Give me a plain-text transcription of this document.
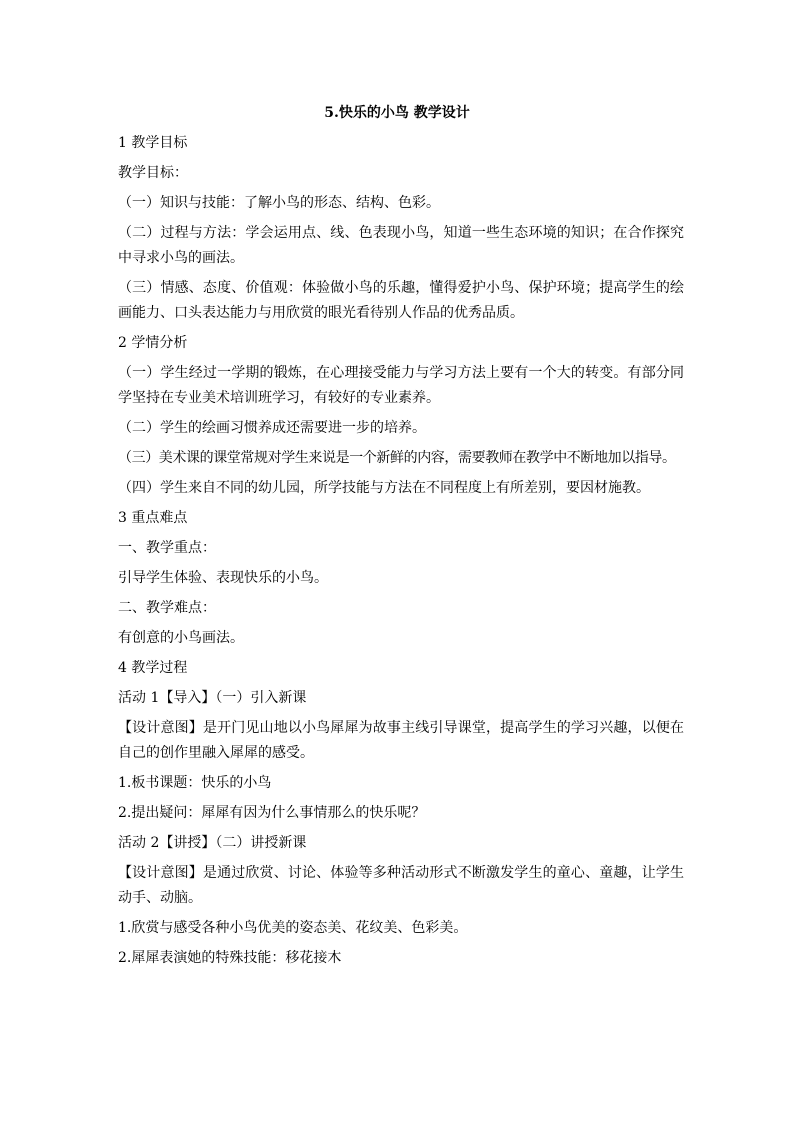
5.快乐的小鸟 教学设计

1 教学目标

教学目标：

（一）知识与技能：了解小鸟的形态、结构、色彩。

（二）过程与方法：学会运用点、线、色表现小鸟，知道一些生态环境的知识；在合作探究中寻求小鸟的画法。

（三）情感、态度、价值观：体验做小鸟的乐趣，懂得爱护小鸟、保护环境；提高学生的绘画能力、口头表达能力与用欣赏的眼光看待别人作品的优秀品质。

2 学情分析

（一）学生经过一学期的锻炼，在心理接受能力与学习方法上要有一个大的转变。有部分同学坚持在专业美术培训班学习，有较好的专业素养。

（二）学生的绘画习惯养成还需要进一步的培养。

（三）美术课的课堂常规对学生来说是一个新鲜的内容，需要教师在教学中不断地加以指导。

（四）学生来自不同的幼儿园，所学技能与方法在不同程度上有所差别，要因材施教。

3 重点难点

一、教学重点：

引导学生体验、表现快乐的小鸟。

二、教学难点：

有创意的小鸟画法。

4 教学过程

活动 1【导入】（一）引入新课

【设计意图】是开门见山地以小鸟犀犀为故事主线引导课堂，提高学生的学习兴趣，以便在自己的创作里融入犀犀的感受。

1.板书课题：快乐的小鸟

2.提出疑问：犀犀有因为什么事情那么的快乐呢？

活动 2【讲授】（二）讲授新课

【设计意图】是通过欣赏、讨论、体验等多种活动形式不断激发学生的童心、童趣，让学生动手、动脑。

1.欣赏与感受各种小鸟优美的姿态美、花纹美、色彩美。

2.犀犀表演她的特殊技能：移花接木
